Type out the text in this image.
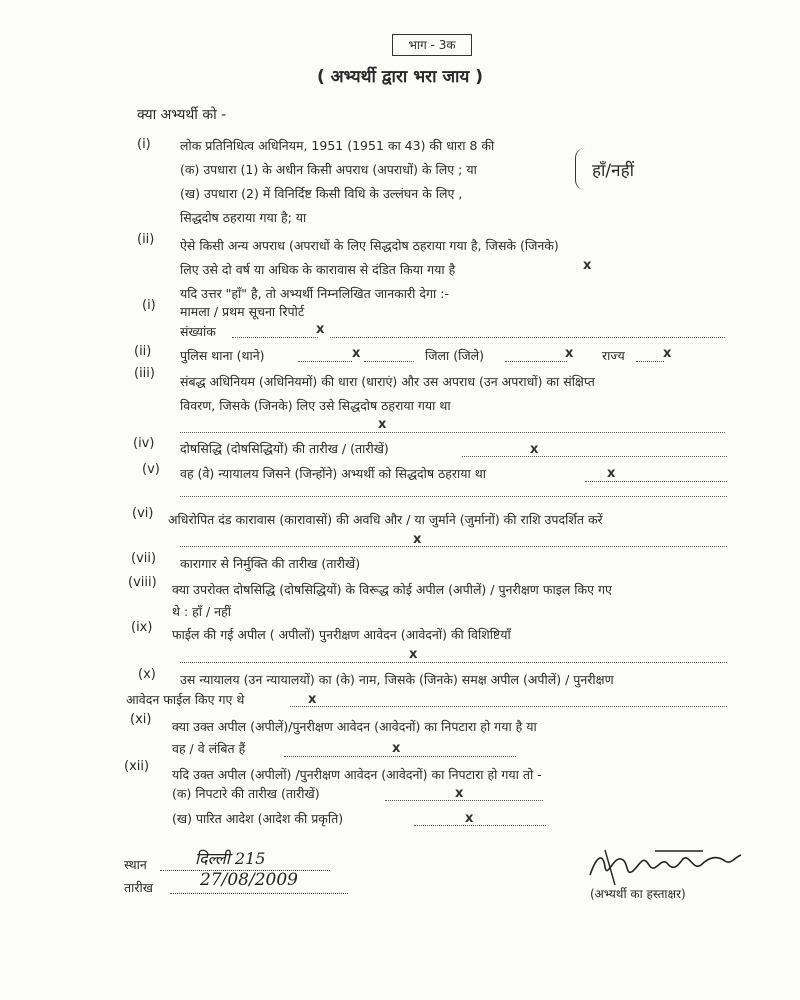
भाग - 3क
( अभ्यर्थी द्वारा भरा जाय )
क्या अभ्यर्थी को -
(i) लोक प्रतिनिधित्व अधिनियम, 1951 (1951 का 43) की धारा 8 की
(क) उपधारा (1) के अधीन किसी अपराध (अपराधों) के लिए ; या
(ख) उपधारा (2) में विनिर्दिष्ट किसी विधि के उल्लंघन के लिए ,
सिद्धदोष ठहराया गया है; या
हाँ/नहीं
(ii) ऐसे किसी अन्य अपराध (अपराधों के लिए सिद्धदोष ठहराया गया है, जिसके (जिनके)
लिए उसे दो वर्ष या अधिक के कारावास से दंडित किया गया है	x
यदि उत्तर "हाँ" है, तो अभ्यर्थी निम्नलिखित जानकारी देगा :-
(i) मामला / प्रथम सूचना रिपोर्ट
संख्यांक	x
(ii) पुलिस थाना (थाने)	x	जिला (जिले)	x राज्य	x
(iii)
संबद्ध अधिनियम (अधिनियमों) की धारा (धाराएं) और उस अपराध (उन अपराधों) का संक्षिप्त
विवरण, जिसके (जिनके) लिए उसे सिद्धदोष ठहराया गया था
x
(iv) दोषसिद्धि (दोषसिद्धियों) की तारीख / (तारीखें)	x
(v) वह (वे) न्यायालय जिसने (जिन्होंने) अभ्यर्थी को सिद्धदोष ठहराया था	x
(vi) अधिरोपित दंड कारावास (कारावासों) की अवधि और / या जुर्माने (जुर्मानों) की राशि उपदर्शित करें
x
(vii) कारागार से निर्मुक्ति की तारीख (तारीखें)
(viii) क्या उपरोक्त दोषसिद्धि (दोषसिद्धियों) के विरूद्ध कोई अपील (अपीलें) / पुनरीक्षण फाइल किए गए
थे : हाँ / नहीं
(ix) फाईल की गई अपील ( अपीलों) पुनरीक्षण आवेदन (आवेदनों) की विशिष्टियाँ
x
(x) उस न्यायालय (उन न्यायालयों) का (के) नाम, जिसके (जिनके) समक्ष अपील (अपीलें) / पुनरीक्षण
आवेदन फाईल किए गए थे	x
(xi) क्या उक्त अपील (अपीलें)/पुनरीक्षण आवेदन (आवेदनों) का निपटारा हो गया है या
वह / वे लंबित हैं	x
(xii)
यदि उक्त अपील (अपीलों) /पुनरीक्षण आवेदन (आवेदनों) का निपटारा हो गया तो -
(क) निपटारे की तारीख (तारीखें)	x
(ख) पारित आदेश (आदेश की प्रकृति)	x
स्थान	दिल्ली 215
तारीख	27/08/2009
(अभ्यर्थी का हस्ताक्षर)
